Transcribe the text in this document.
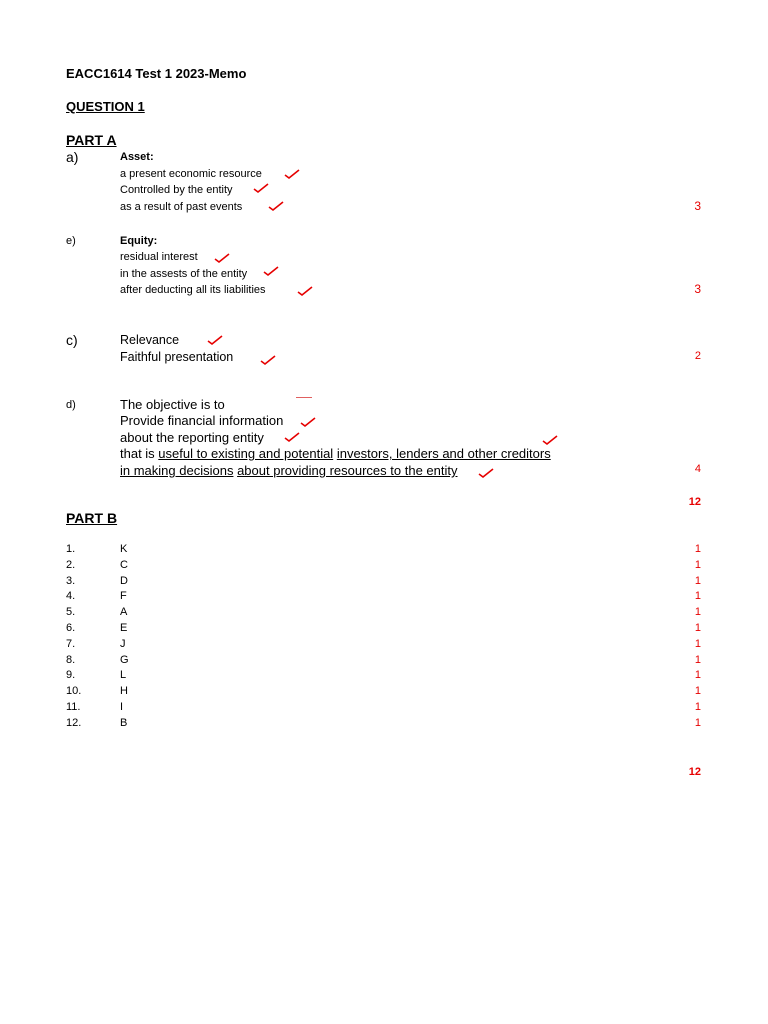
EACC1614 Test 1 2023-Memo
QUESTION 1
PART A
a)	Asset:
a present economic resource
Controlled by the entity
as a result of past events	3
e)	Equity:
residual interest
in the assests of the entity
after deducting all its liabilities	3
c)	Relevance
Faithful presentation	2
d)	The objective is to
Provide financial information
about the reporting entity
that is useful to existing and potential investors, lenders and other creditors
in making decisions about providing resources to the entity	4
12
PART B
1.	K	1
2.	C	1
3.	D	1
4.	F	1
5.	A	1
6.	E	1
7.	J	1
8.	G	1
9.	L	1
10.	H	1
11.	I	1
12.	B	1
12
